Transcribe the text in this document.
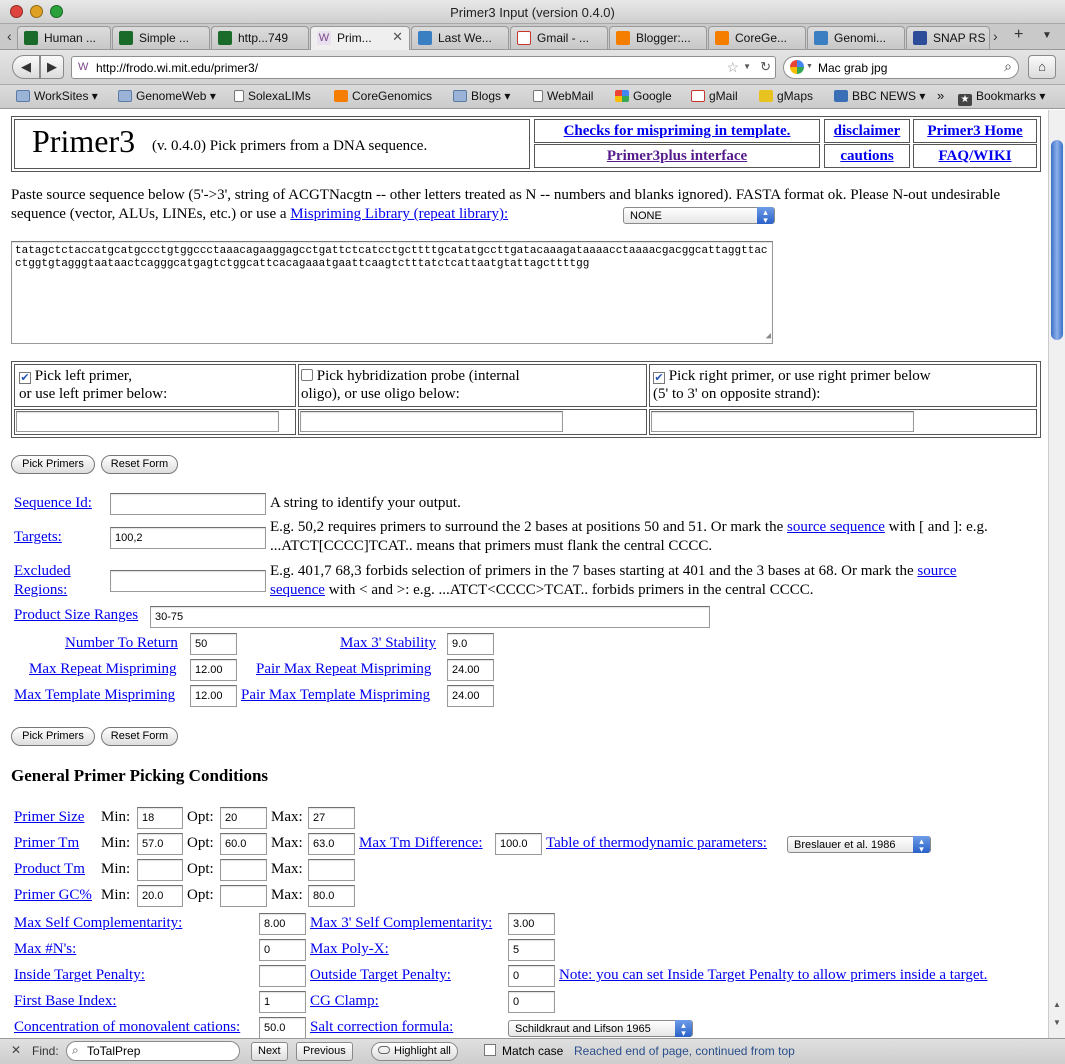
Primer3 Input (version 0.4.0)
‹	Human ...	Simple ...	http...749	W Prim... ✕	Last We...	Gmail - ...	Blogger:...	CoreGe...	Genomi...	SNAP RS › + ▼
◀	▶	W http://frodo.wi.mit.edu/primer3/	☆ ▼ ↻	▼ Mac grab jpg	⌕	⌂
WorkSites ▾	GenomeWeb ▾	SolexaLIMs	CoreGenomics	Blogs ▾	WebMail	Google	gMail	gMaps	BBC NEWS ▾ » ★ Bookmarks ▾
Primer3 (v. 0.4.0) Pick primers from a DNA sequence.
Checks for mispriming in template.	disclaimer	Primer3 Home
Primer3plus interface	cautions	FAQ/WIKI
Paste source sequence below (5'->3', string of ACGTNacgtn -- other letters treated as N -- numbers and blanks ignored). FASTA format ok. Please N-out undesirable sequence (vector, ALUs, LINEs, etc.) or use a Mispriming Library (repeat library):	NONE	▴
▾
tatagctctaccatgcatgccctgtggccctaaacagaaggagcctgattctcatcctgcttttgcatatgccttgatacaaagataaaacctaaaacgacggcattaggttacctggtgtagggtaataactcagggcatgagtctggcattcacagaaatgaattcaagtctttatctcattaatgtattagcttttgg
◢
✔ Pick left primer,
or use left primer below:
Pick hybridization probe (internal
oligo), or use oligo below:
✔ Pick right primer, or use right primer below
(5' to 3' on opposite strand):
Pick Primers	Reset Form
Sequence Id:	A string to identify your output.
Targets:	100,2
E.g. 50,2 requires primers to surround the 2 bases at positions 50 and 51. Or mark the source sequence with [ and ]: e.g. ...ATCT[CCCC]TCAT.. means that primers must flank the central CCCC.
Excluded
Regions:
E.g. 401,7 68,3 forbids selection of primers in the 7 bases starting at 401 and the 3 bases at 68. Or mark the source
sequence with < and >: e.g. ...ATCT<CCCC>TCAT.. forbids primers in the central CCCC.
Product Size Ranges	30-75
Number To Return	50	Max 3' Stability	9.0
Max Repeat Mispriming	12.00	Pair Max Repeat Mispriming	24.00
Max Template Mispriming	12.00	Pair Max Template Mispriming	24.00
Pick Primers	Reset Form
General Primer Picking Conditions
Primer Size Min:	18	Opt:	20	Max: 27
Primer Tm Min:	57.0	Opt:	60.0	Max: 63.0	Max Tm Difference:	100.0	Table of thermodynamic parameters:	Breslauer et al. 1986	▴
▾
Product Tm Min:	Opt:	Max:
Primer GC% Min:	20.0	Opt:	Max: 80.0
Max Self Complementarity:	8.00	Max 3' Self Complementarity:	3.00
Max #N's:	0	Max Poly-X:	5
Inside Target Penalty:	Outside Target Penalty:	0	Note: you can set Inside Target Penalty to allow primers inside a target.
First Base Index:	1	CG Clamp:	0
Concentration of monovalent cations:	50.0	Salt correction formula:	Schildkraut and Lifson 1965	▴
▾
▲
▼
✕ Find: ⌕ ToTalPrep	Next	Previous	Highlight all	Match case Reached end of page, continued from top
